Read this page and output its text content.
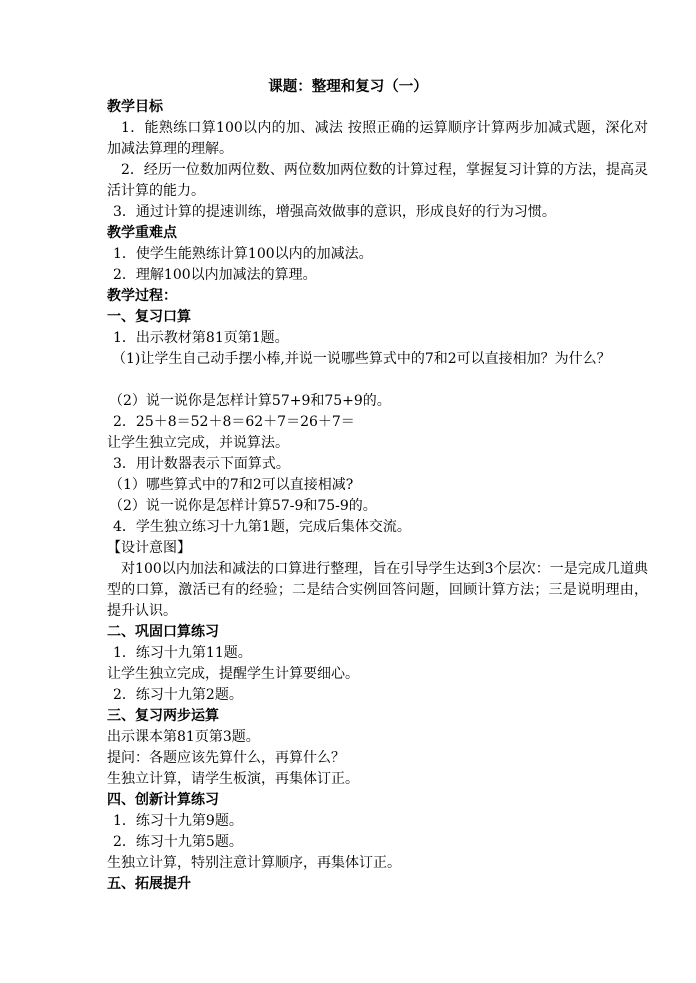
课题：整理和复习（一）
教学目标
1．能熟练口算100以内的加、减法 按照正确的运算顺序计算两步加减式题，深化对加减法算理的理解。
2．经历一位数加两位数、两位数加两位数的计算过程，掌握复习计算的方法，提高灵活计算的能力。
3．通过计算的提速训练，增强高效做事的意识，形成良好的行为习惯。
教学重难点
1．使学生能熟练计算100以内的加减法。
2．理解100以内加减法的算理。
教学过程：
一、复习口算
1．出示教材第81页第1题。
（1)让学生自己动手摆小棒,并说一说哪些算式中的7和2可以直接相加？为什么？
（2）说一说你是怎样计算57+9和75+9的。
2．25＋8＝52＋8＝62＋7＝26＋7＝
让学生独立完成，并说算法。
3．用计数器表示下面算式。
（1）哪些算式中的7和2可以直接相减?
（2）说一说你是怎样计算57-9和75-9的。
4．学生独立练习十九第1题，完成后集体交流。
【设计意图】
对100以内加法和减法的口算进行整理，旨在引导学生达到3个层次：一是完成几道典型的口算，激活已有的经验；二是结合实例回答问题，回顾计算方法；三是说明理由，提升认识。
二、巩固口算练习
1．练习十九第11题。
让学生独立完成，提醒学生计算要细心。
2．练习十九第2题。
三、复习两步运算
出示课本第81页第3题。
提问：各题应该先算什么，再算什么？
生独立计算，请学生板演，再集体订正。
四、创新计算练习
1．练习十九第9题。
2．练习十九第5题。
生独立计算，特别注意计算顺序，再集体订正。
五、拓展提升
